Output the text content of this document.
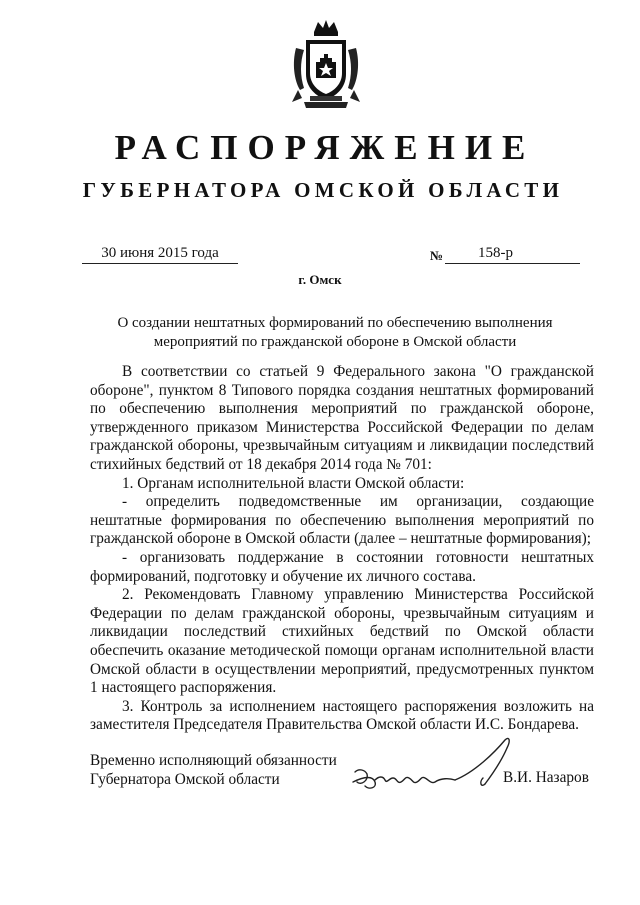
РАСПОРЯЖЕНИЕ
ГУБЕРНАТОРА ОМСКОЙ ОБЛАСТИ
30 июня 2015 года	№	158-р
г. Омск
О создании нештатных формирований по обеспечению выполнения мероприятий по гражданской обороне в Омской области

В соответствии со статьей 9 Федерального закона "О гражданской обороне", пунктом 8 Типового порядка создания нештатных формирований по обеспечению выполнения мероприятий по гражданской обороне, утвержденного приказом Министерства Российской Федерации по делам гражданской обороны, чрезвычайным ситуациям и ликвидации последствий стихийных бедствий от 18 декабря 2014 года № 701:

1. Органам исполнительной власти Омской области:

- определить подведомственные им организации, создающие нештатные формирования по обеспечению выполнения мероприятий по гражданской обороне в Омской области (далее – нештатные формирования);

- организовать поддержание в состоянии готовности нештатных формирований, подготовку и обучение их личного состава.

2. Рекомендовать Главному управлению Министерства Российской Федерации по делам гражданской обороны, чрезвычайным ситуациям и ликвидации последствий стихийных бедствий по Омской области обеспечить оказание методической помощи органам исполнительной власти Омской области в осуществлении мероприятий, предусмотренных пунктом 1 настоящего распоряжения.

3. Контроль за исполнением настоящего распоряжения возложить на заместителя Председателя Правительства Омской области И.С. Бондарева.

Временно исполняющий обязанности
Губернатора Омской области	В.И. Назаров
